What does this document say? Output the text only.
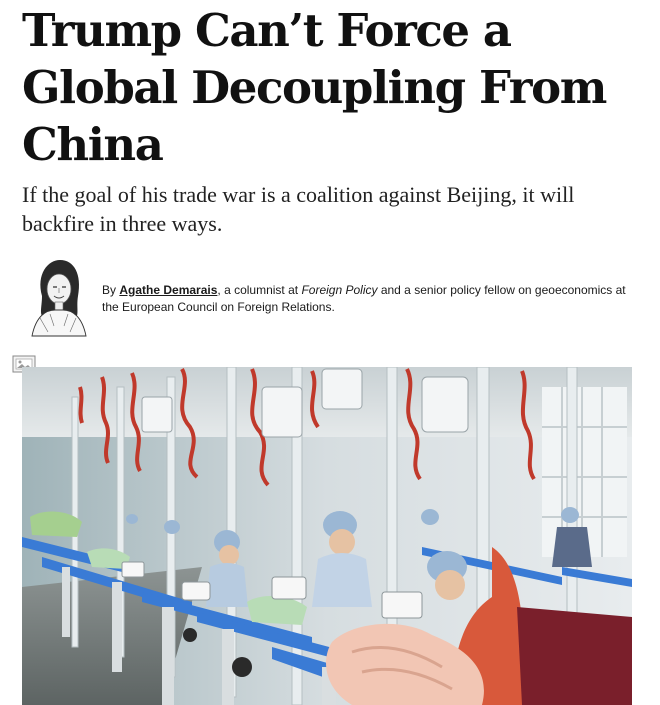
Trump Can’t Force a Global Decoupling From China

If the goal of his trade war is a coalition against Beijing, it will backfire in three ways.

By Agathe Demarais, a columnist at Foreign Policy and a senior policy fellow on geoeconomics at the European Council on Foreign Relations.
